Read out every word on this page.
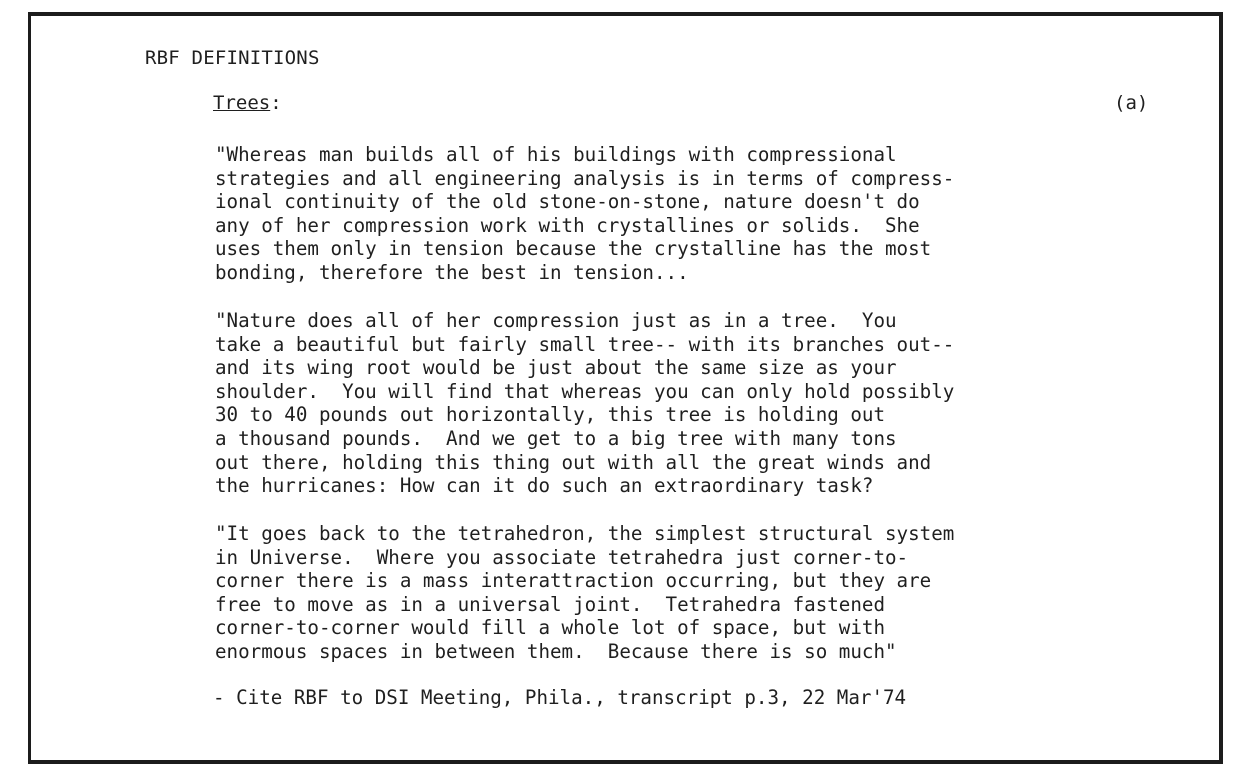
RBF DEFINITIONS
Trees:	(a)
"Whereas man builds all of his buildings with compressional
strategies and all engineering analysis is in terms of compress-
ional continuity of the old stone-on-stone, nature doesn't do
any of her compression work with crystallines or solids.  She
uses them only in tension because the crystalline has the most
bonding, therefore the best in tension...
"Nature does all of her compression just as in a tree.  You
take a beautiful but fairly small tree-- with its branches out--
and its wing root would be just about the same size as your
shoulder.  You will find that whereas you can only hold possibly
30 to 40 pounds out horizontally, this tree is holding out
a thousand pounds.  And we get to a big tree with many tons
out there, holding this thing out with all the great winds and
the hurricanes: How can it do such an extraordinary task?
"It goes back to the tetrahedron, the simplest structural system
in Universe.  Where you associate tetrahedra just corner-to-
corner there is a mass interattraction occurring, but they are
free to move as in a universal joint.  Tetrahedra fastened
corner-to-corner would fill a whole lot of space, but with
enormous spaces in between them.  Because there is so much"
- Cite RBF to DSI Meeting, Phila., transcript p.3, 22 Mar'74
